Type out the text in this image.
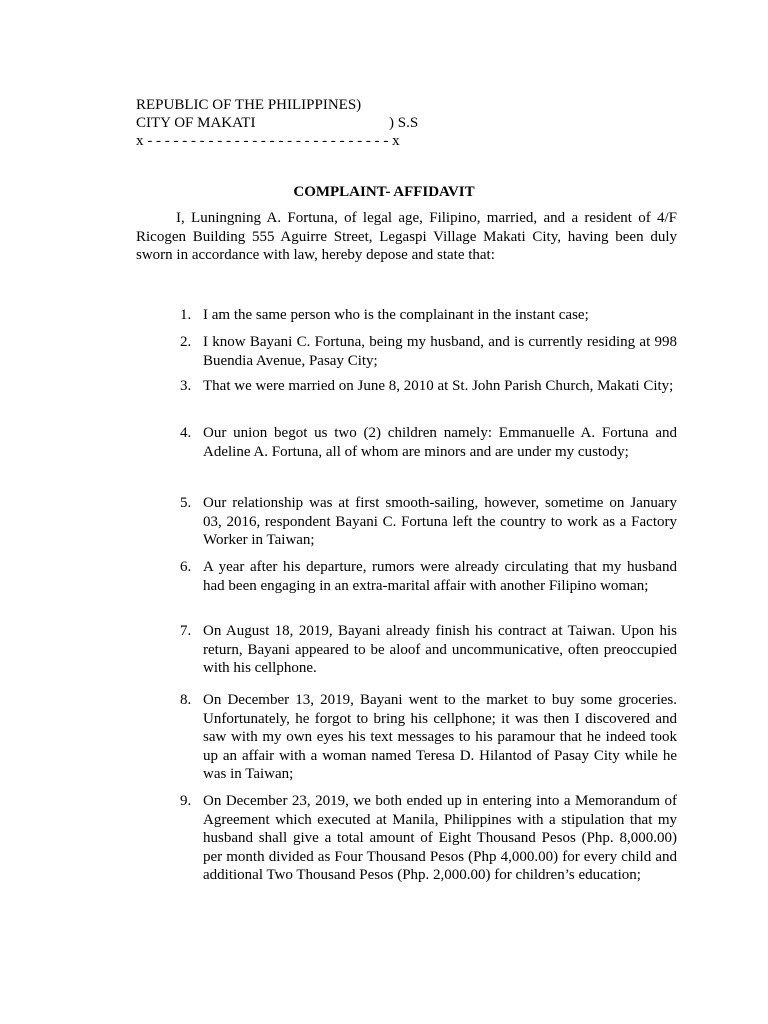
REPUBLIC OF THE PHILIPPINES)
CITY OF MAKATI	) S.S
x - - - - - - - - - - - - - - - - - - - - - - - - - - - - x
COMPLAINT- AFFIDAVIT

I, Luningning A. Fortuna, of legal age, Filipino, married, and a resident of 4/F Ricogen Building 555 Aguirre Street, Legaspi Village Makati City, having been duly sworn in accordance with law, hereby depose and state that:

1. I am the same person who is the complainant in the instant case;
2. I know Bayani C. Fortuna, being my husband, and is currently residing at 998 Buendia Avenue, Pasay City;
3. That we were married on June 8, 2010 at St. John Parish Church, Makati City;
4. Our union begot us two (2) children namely: Emmanuelle A. Fortuna and Adeline A. Fortuna, all of whom are minors and are under my custody;
5. Our relationship was at first smooth-sailing, however, sometime on January 03, 2016, respondent Bayani C. Fortuna left the country to work as a Factory Worker in Taiwan;
6. A year after his departure, rumors were already circulating that my husband had been engaging in an extra-marital affair with another Filipino woman;
7. On August 18, 2019, Bayani already finish his contract at Taiwan. Upon his return, Bayani appeared to be aloof and uncommunicative, often preoccupied with his cellphone.
8. On December 13, 2019, Bayani went to the market to buy some groceries. Unfortunately, he forgot to bring his cellphone; it was then I discovered and saw with my own eyes his text messages to his paramour that he indeed took up an affair with a woman named Teresa D. Hilantod of Pasay City while he was in Taiwan;
9. On December 23, 2019, we both ended up in entering into a Memorandum of Agreement which executed at Manila, Philippines with a stipulation that my husband shall give a total amount of Eight Thousand Pesos (Php. 8,000.00) per month divided as Four Thousand Pesos (Php 4,000.00) for every child and additional Two Thousand Pesos (Php. 2,000.00) for children’s education;
